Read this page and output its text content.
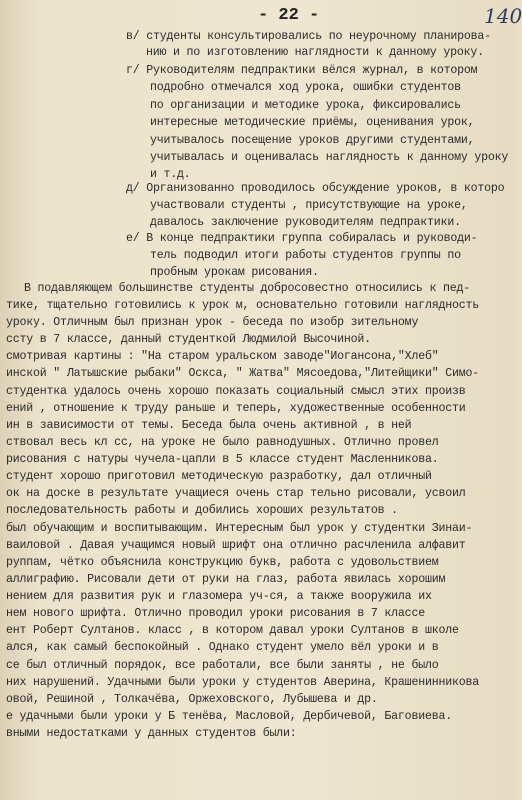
- 22 -	140
в/ студенты консультировались по неурочному планирова-
нию и по изготовлению наглядности к данному уроку.
г/ Руководителям педпрактики вёлся журнал, в котором
подробно отмечался ход урока, ошибки студентов
по организации и методике урока, фиксировались
интересные методические приёмы, оценивания урок,
учитывалось посещение уроков другими студентами,
учитывалась и оценивалась наглядность к данному уроку
и т.д.
д/ Организованно проводилось обсуждение уроков, в которо
участвовали студенты , присутствующие на уроке,
давалось заключение руководителям педпрактики.
е/ В конце педпрактики группа собиралась и руководи-
тель подводил итоги работы студентов группы по
пробным урокам рисования.
В подавляющем большинстве студенты добросовестно относились к пед-
тике, тщательно готовились к урок м, основательно готовили наглядность
уроку. Отличным был признан урок - беседа по изобр зительному
ссту в 7 классе, данный студенткой Людмилой Высочиной.
смотривая картины : "На старом уральском заводе"Иогансона,"Хлеб"
инской " Латышские рыбаки" Оскса, " Жатва" Мясоедова,"Литейщики" Симо-
студентка удалось очень хорошо показать социальный смысл этих произв
ений , отношение к труду раньше и теперь, художественные особенности
ин в зависимости от темы. Беседа была очень активной , в ней
ствовал весь кл сс, на уроке не было равнодушных. Отлично провел
рисования с натуры чучела-цапли в 5 классе студент Масленникова.
студент хорошо приготовил методическую разработку, дал отличный
ок на доске в результате учащиеся очень стар тельно рисовали, усвоил
последовательность работы и добились хороших результатов .
был обучающим и воспитывающим. Интересным был урок у студентки Зинаи-
ваиловой . Давая учащимся новый шрифт она отлично расчленила алфавит
руппам, чётко объяснила конструкцию букв, работа с удовольствием
аллиграфию. Рисовали дети от руки на глаз, работа явилась хорошим
нением для развития рук и глазомера уч-ся, а также вооружила их
нем нового шрифта. Отлично проводил уроки рисования в 7 классе
ент Роберт Султанов. класс , в котором давал уроки Султанов в школе
ался, как самый беспокойный . Однако студент умело вёл уроки и в
се был отличный порядок, все работали, все были заняты , не было
них нарушений. Удачными были уроки у студентов Аверина, Крашенинникова
овой, Решиной , Толкачёва, Оржеховского, Лубышева и др.
е удачными были уроки у Б тенёва, Масловой, Дербичевой, Баговиева.
вными недостатками у данных студентов были:
